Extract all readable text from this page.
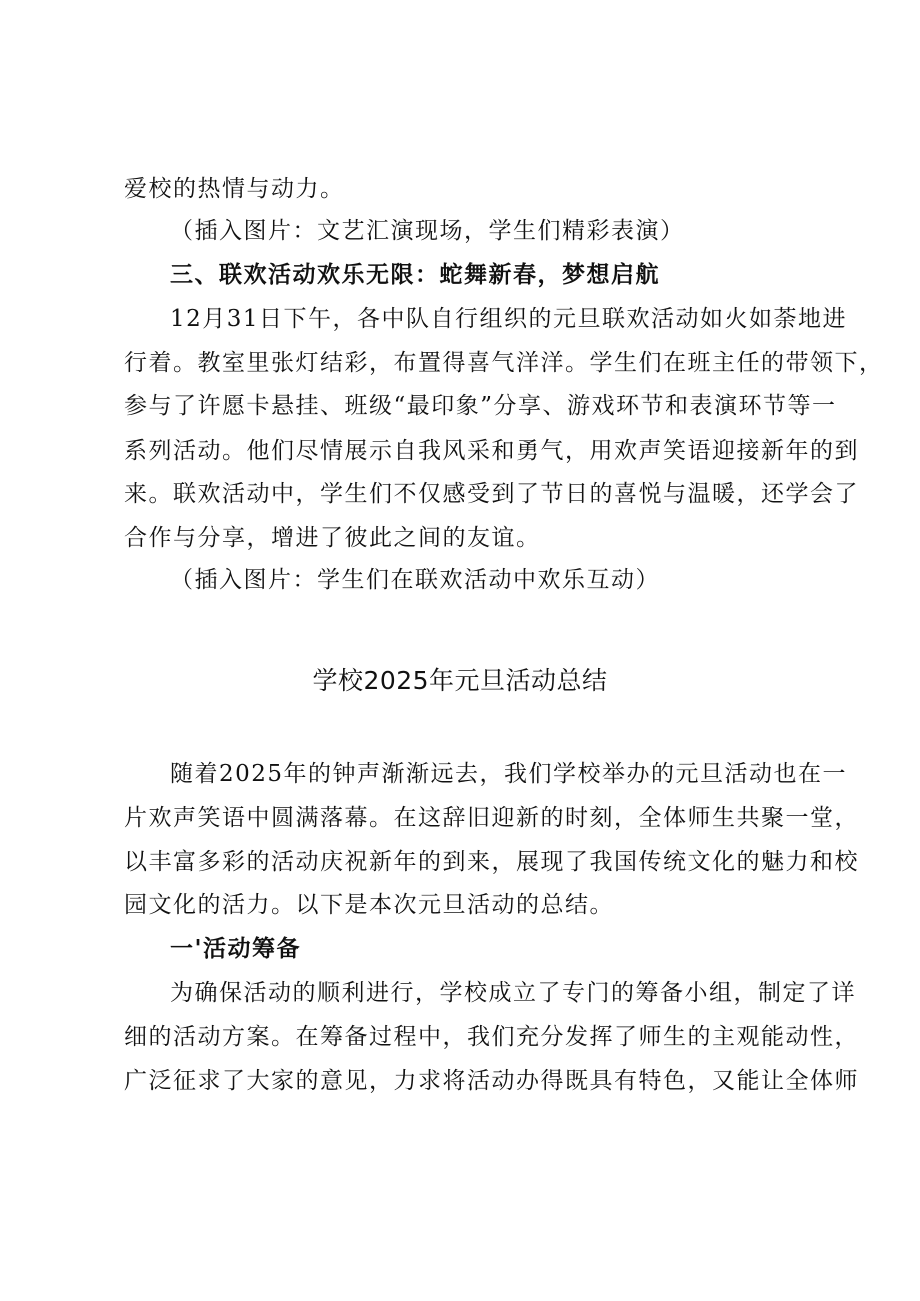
爱校的热情与动力。
（插入图片：文艺汇演现场，学生们精彩表演）
三、联欢活动欢乐无限：蛇舞新春，梦想启航
12月31日下午，各中队自行组织的元旦联欢活动如火如荼地进
行着。教室里张灯结彩，布置得喜气洋洋。学生们在班主任的带领下，
参与了许愿卡悬挂、班级“最印象”分享、游戏环节和表演环节等一
系列活动。他们尽情展示自我风采和勇气，用欢声笑语迎接新年的到
来。联欢活动中，学生们不仅感受到了节日的喜悦与温暖，还学会了
合作与分享，增进了彼此之间的友谊。
（插入图片：学生们在联欢活动中欢乐互动）
学校2025年元旦活动总结
随着2025年的钟声渐渐远去，我们学校举办的元旦活动也在一
片欢声笑语中圆满落幕。在这辞旧迎新的时刻，全体师生共聚一堂，
以丰富多彩的活动庆祝新年的到来，展现了我国传统文化的魅力和校
园文化的活力。以下是本次元旦活动的总结。
一'活动筹备
为确保活动的顺利进行，学校成立了专门的筹备小组，制定了详
细的活动方案。在筹备过程中，我们充分发挥了师生的主观能动性，
广泛征求了大家的意见，力求将活动办得既具有特色，又能让全体师
